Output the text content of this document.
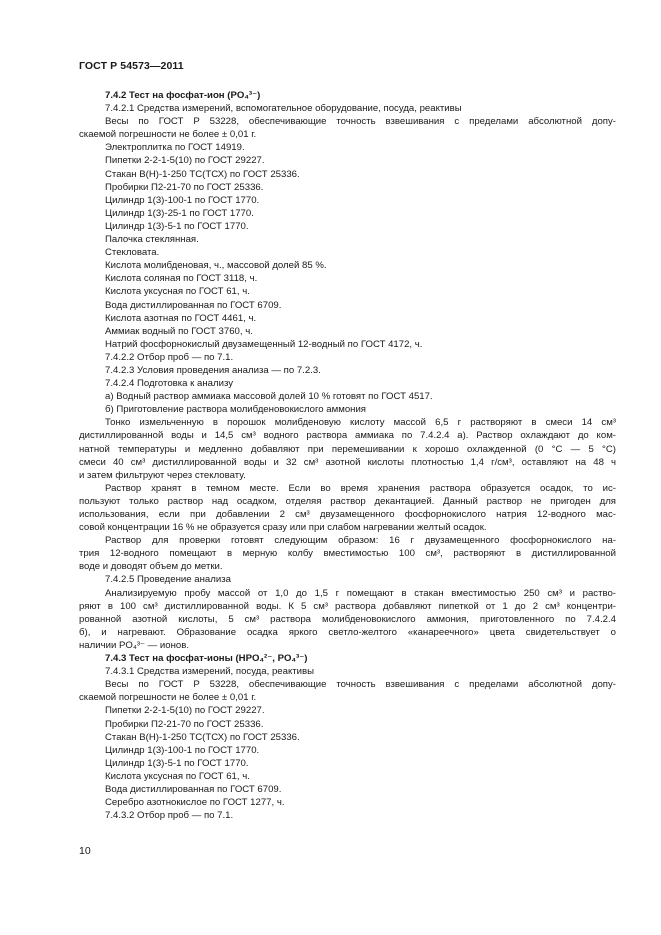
ГОСТ Р 54573—2011
7.4.2 Тест на фосфат-ион (PO₄³⁻)
7.4.2.1 Средства измерений, вспомогательное оборудование, посуда, реактивы
Весы по ГОСТ Р 53228, обеспечивающие точность взвешивания с пределами абсолютной допу-
скаемой погрешности не более ± 0,01 г.
Электроплитка по ГОСТ 14919.
Пипетки 2-2-1-5(10) по ГОСТ 29227.
Стакан В(Н)-1-250 ТС(ТСХ) по ГОСТ 25336.
Пробирки П2-21-70 по ГОСТ 25336.
Цилиндр 1(3)-100-1 по ГОСТ 1770.
Цилиндр 1(3)-25-1 по ГОСТ 1770.
Цилиндр 1(3)-5-1 по ГОСТ 1770.
Палочка стеклянная.
Стекловата.
Кислота молибденовая, ч., массовой долей 85 %.
Кислота соляная по ГОСТ 3118, ч.
Кислота уксусная по ГОСТ 61, ч.
Вода дистиллированная по ГОСТ 6709.
Кислота азотная по ГОСТ 4461, ч.
Аммиак водный по ГОСТ 3760, ч.
Натрий фосфорнокислый двузамещенный 12-водный по ГОСТ 4172, ч.
7.4.2.2 Отбор проб — по 7.1.
7.4.2.3 Условия проведения анализа — по 7.2.3.
7.4.2.4 Подготовка к анализу
а) Водный раствор аммиака массовой долей 10 % готовят по ГОСТ 4517.
б) Приготовление раствора молибденовокислого аммония
Тонко измельченную в порошок молибденовую кислоту массой 6,5 г растворяют в смеси 14 см³
дистиллированной воды и 14,5 см³ водного раствора аммиака по 7.4.2.4 а). Раствор охлаждают до ком-
натной температуры и медленно добавляют при перемешивании к хорошо охлажденной (0 °С — 5 °С)
смеси 40 см³ дистиллированной воды и 32 см³ азотной кислоты плотностью 1,4 г/см³, оставляют на 48 ч
и затем фильтруют через стекловату.
Раствор хранят в темном месте. Если во время хранения раствора образуется осадок, то ис-
пользуют только раствор над осадком, отделяя раствор декантацией. Данный раствор не пригоден для
использования, если при добавлении 2 см³ двузамещенного фосфорнокислого натрия 12-водного мас-
совой концентрации 16 % не образуется сразу или при слабом нагревании желтый осадок.
Раствор для проверки готовят следующим образом: 16 г двузамещенного фосфорнокислого на-
трия 12-водного помещают в мерную колбу вместимостью 100 см³, растворяют в дистиллированной
воде и доводят объем до метки.
7.4.2.5 Проведение анализа
Анализируемую пробу массой от 1,0 до 1,5 г помещают в стакан вместимостью 250 см³ и раство-
ряют в 100 см³ дистиллированной воды. К 5 см³ раствора добавляют пипеткой от 1 до 2 см³ концентри-
рованной азотной кислоты, 5 см³ раствора молибденовокислого аммония, приготовленного по 7.4.2.4
б), и нагревают. Образование осадка яркого светло-желтого «канареечного» цвета свидетельствует о
наличии PO₄³⁻ — ионов.
7.4.3 Тест на фосфат-ионы (HPO₄²⁻, PO₄³⁻)
7.4.3.1 Средства измерений, посуда, реактивы
Весы по ГОСТ Р 53228, обеспечивающие точность взвешивания с пределами абсолютной допу-
скаемой погрешности не более ± 0,01 г.
Пипетки 2-2-1-5(10) по ГОСТ 29227.
Пробирки П2-21-70 по ГОСТ 25336.
Стакан В(Н)-1-250 ТС(ТСХ) по ГОСТ 25336.
Цилиндр 1(3)-100-1 по ГОСТ 1770.
Цилиндр 1(3)-5-1 по ГОСТ 1770.
Кислота уксусная по ГОСТ 61, ч.
Вода дистиллированная по ГОСТ 6709.
Серебро азотнокислое по ГОСТ 1277, ч.
7.4.3.2 Отбор проб — по 7.1.
10
